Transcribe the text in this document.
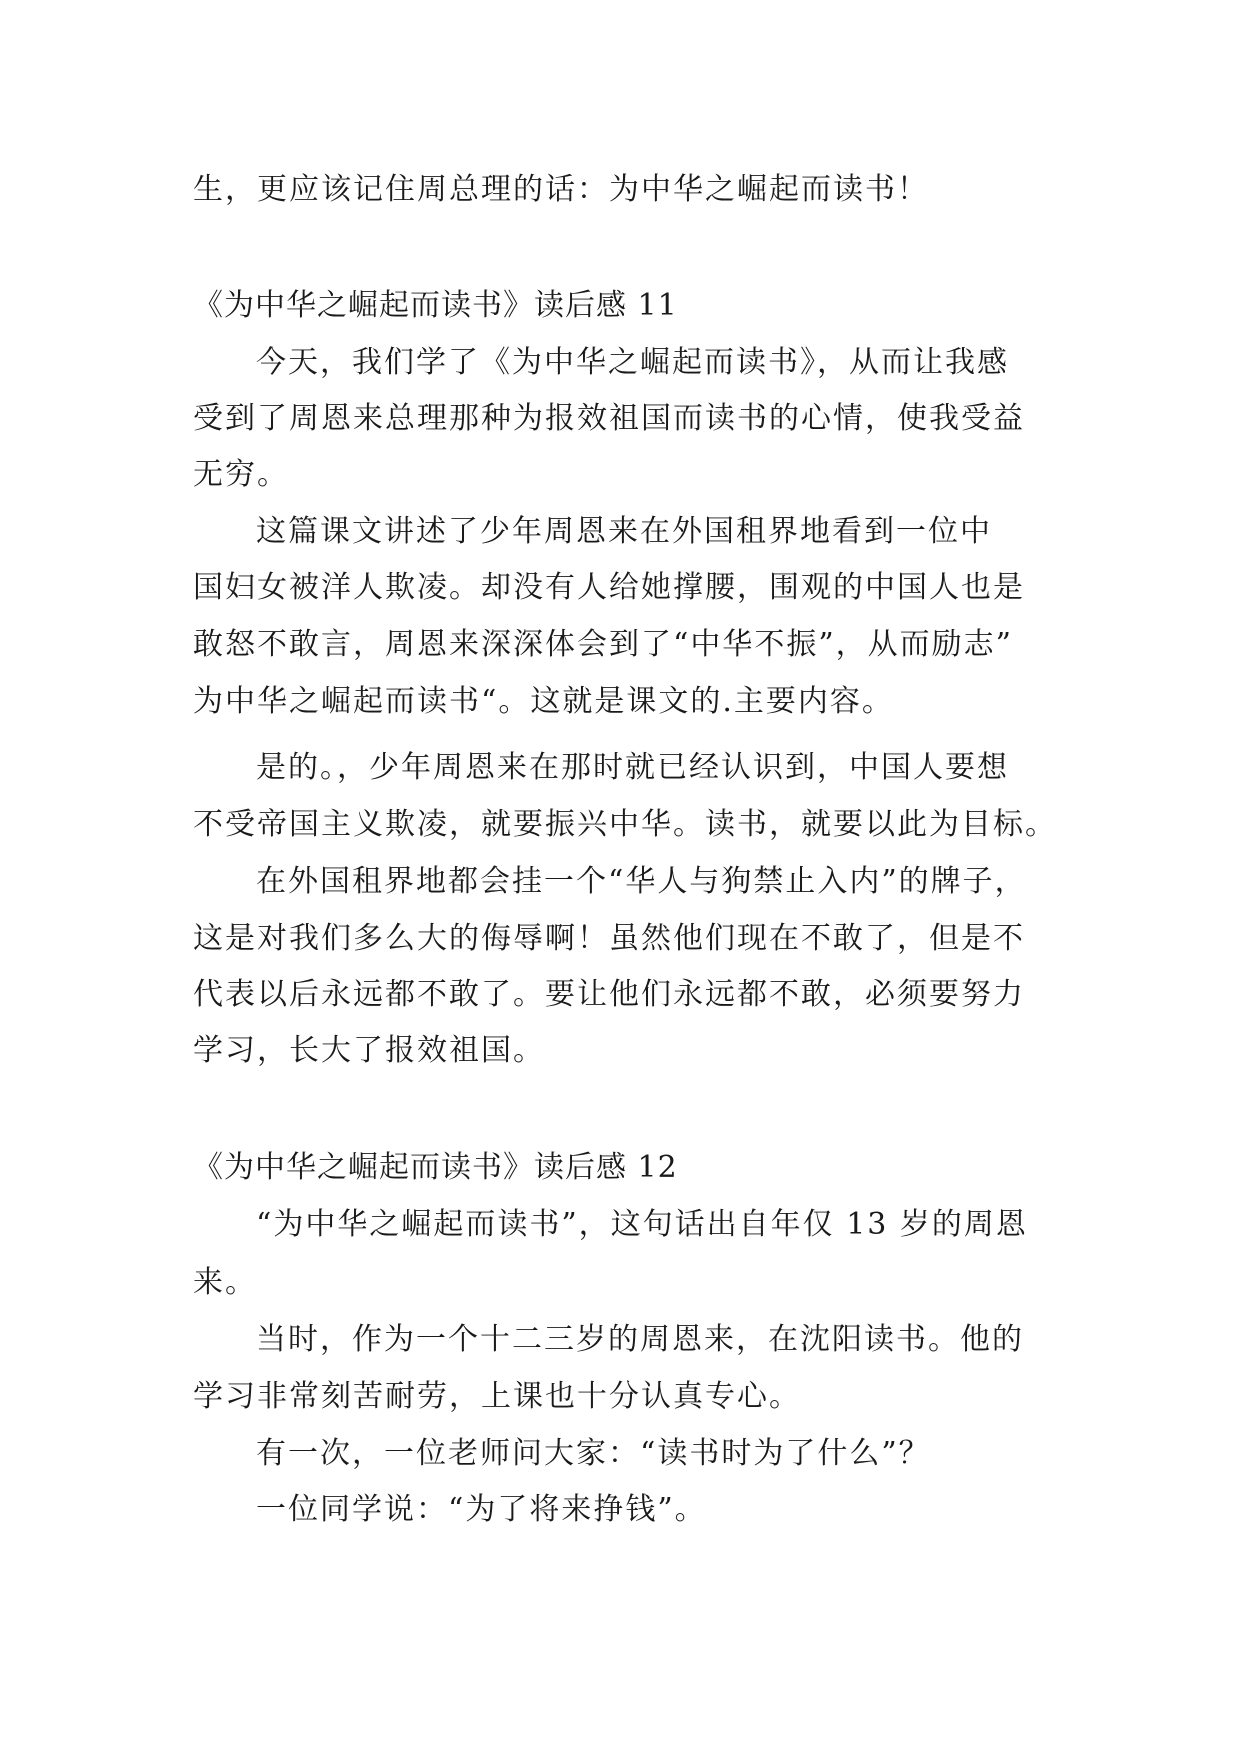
生，更应该记住周总理的话：为中华之崛起而读书！
《为中华之崛起而读书》读后感 11
今天，我们学了《为中华之崛起而读书》，从而让我感
受到了周恩来总理那种为报效祖国而读书的心情，使我受益
无穷。
这篇课文讲述了少年周恩来在外国租界地看到一位中
国妇女被洋人欺凌。却没有人给她撑腰，围观的中国人也是
敢怒不敢言，周恩来深深体会到了“中华不振”，从而励志”
为中华之崛起而读书“。这就是课文的.主要内容。
是的。，少年周恩来在那时就已经认识到，中国人要想
不受帝国主义欺凌，就要振兴中华。读书，就要以此为目标。
在外国租界地都会挂一个“华人与狗禁止入内”的牌子，
这是对我们多么大的侮辱啊！虽然他们现在不敢了，但是不
代表以后永远都不敢了。要让他们永远都不敢，必须要努力
学习，长大了报效祖国。
《为中华之崛起而读书》读后感 12
“为中华之崛起而读书”，这句话出自年仅 13 岁的周恩
来。
当时，作为一个十二三岁的周恩来，在沈阳读书。他的
学习非常刻苦耐劳，上课也十分认真专心。
有一次，一位老师问大家：“读书时为了什么”？
一位同学说：“为了将来挣钱”。
